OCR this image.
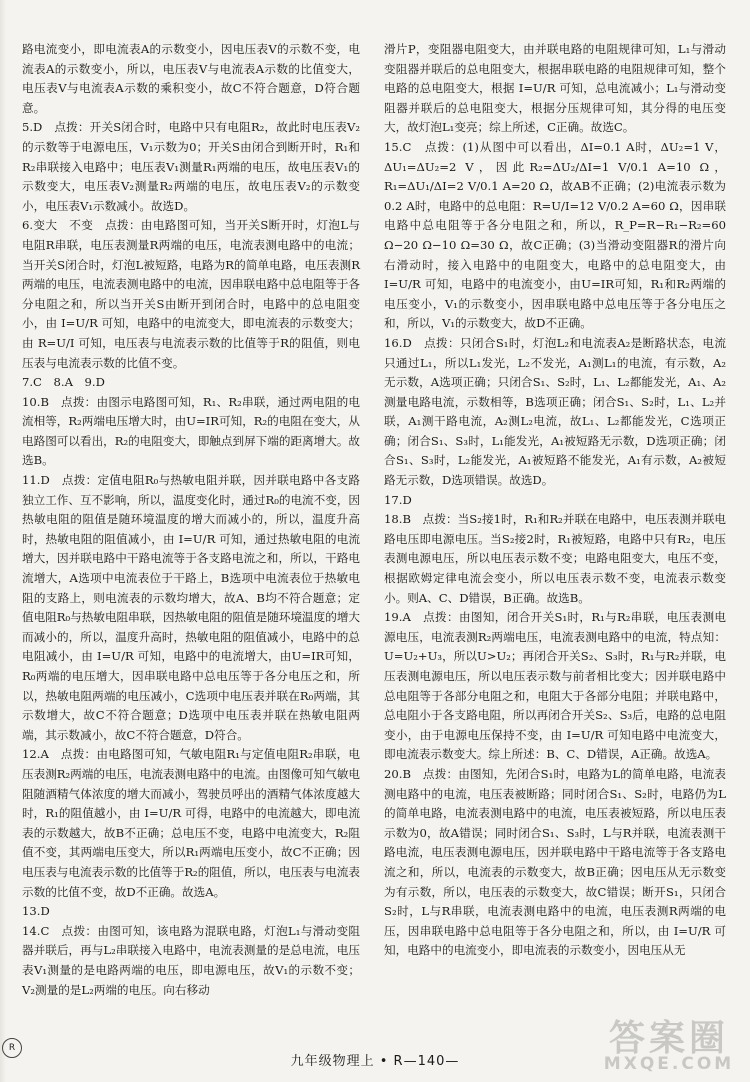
路电流变小，即电流表A的示数变小，因电压表V的示数不变，电流表A的示数变小，所以，电压表V与电流表A示数的比值变大，电压表V与电流表A示数的乘积变小，故C不符合题意，D符合题意。

5.D　点拨：开关S闭合时，电路中只有电阻R₂，故此时电压表V₂的示数等于电源电压，V₁示数为0；开关S由闭合到断开时，R₁和R₂串联接入电路中；电压表V₁测量R₁两端的电压，故电压表V₁的示数变大，电压表V₂测量R₂两端的电压，故电压表V₂的示数变小，电压表V₁示数减小。故选D。

6.变大　不变　点拨：由电路图可知，当开关S断开时，灯泡L与电阻R串联，电压表测量R两端的电压，电流表测电路中的电流；当开关S闭合时，灯泡L被短路，电路为R的简单电路，电压表测R两端的电压，电流表测电路中的电流，因串联电路中总电阻等于各分电阻之和，所以当开关S由断开到闭合时，电路中的总电阻变小，由 I=U/R 可知，电路中的电流变大，即电流表的示数变大；由 R=U/I 可知，电压表与电流表示数的比值等于R的阻值，则电压表与电流表示数的比值不变。

7.C　8.A　9.D

10.B　点拨：由图示电路图可知，R₁、R₂串联，通过两电阻的电流相等，R₂两端电压增大时，由U=IR可知，R₂的电阻在变大，从电路图可以看出，R₂的电阻变大，即触点到屏下端的距离增大。故选B。

11.D　点拨：定值电阻R₀与热敏电阻并联，因并联电路中各支路独立工作、互不影响，所以，温度变化时，通过R₀的电流不变，因热敏电阻的阻值是随环境温度的增大而减小的，所以，温度升高时，热敏电阻的阻值减小，由 I=U/R 可知，通过热敏电阻的电流增大，因并联电路中干路电流等于各支路电流之和，所以，干路电流增大，A选项中电流表位于干路上，B选项中电流表位于热敏电阻的支路上，则电流表的示数均增大，故A、B均不符合题意；定值电阻R₀与热敏电阻串联，因热敏电阻的阻值是随环境温度的增大而减小的，所以，温度升高时，热敏电阻的阻值减小，电路中的总电阻减小，由 I=U/R 可知，电路中的电流增大，由U=IR可知，R₀两端的电压增大，因串联电路中总电压等于各分电压之和，所以，热敏电阻两端的电压减小，C选项中电压表并联在R₀两端，其示数增大，故C不符合题意；D选项中电压表并联在热敏电阻两端，其示数减小，故C不符合题意，D符合。

12.A　点拨：由电路图可知，气敏电阻R₁与定值电阻R₂串联，电压表测R₂两端的电压，电流表测电路中的电流。由图像可知气敏电阻随酒精气体浓度的增大而减小，驾驶员呼出的酒精气体浓度越大时，R₁的阻值越小，由 I=U/R 可得，电路中的电流越大，即电流表的示数越大，故B不正确；总电压不变，电路中电流变大，R₂阻值不变，其两端电压变大，所以R₁两端电压变小，故C不正确；因电压表与电流表示数的比值等于R₂的阻值，所以，电压表与电流表示数的比值不变，故D不正确。故选A。

13.D

14.C　点拨：由图可知，该电路为混联电路，灯泡L₁与滑动变阻器并联后，再与L₂串联接入电路中，电流表测量的是总电流，电压表V₁测量的是电路两端的电压，即电源电压，故V₁的示数不变；V₂测量的是L₂两端的电压。向右移动

滑片P，变阻器电阻变大，由并联电路的电阻规律可知，L₁与滑动变阻器并联后的总电阻变大，根据串联电路的电阻规律可知，整个电路的总电阻变大，根据 I=U/R 可知，总电流减小；L₁与滑动变阻器并联后的总电阻变大，根据分压规律可知，其分得的电压变大，故灯泡L₁变亮；综上所述，C正确。故选C。

15.C　点拨：(1)从图中可以看出，ΔI=0.1 A时，ΔU₂=1 V，ΔU₁=ΔU₂=2 V，因此R₂=ΔU₂/ΔI=1 V/0.1 A=10 Ω，R₁=ΔU₁/ΔI=2 V/0.1 A=20 Ω，故AB不正确；(2)电流表示数为0.2 A时，电路中的总电阻：R=U/I=12 V/0.2 A=60 Ω，因串联电路中总电阻等于各分电阻之和，所以，R_P=R−R₁−R₂=60 Ω−20 Ω−10 Ω=30 Ω，故C正确；(3)当滑动变阻器R的滑片向右滑动时，接入电路中的电阻变大，电路中的总电阻变大，由 I=U/R 可知，电路中的电流变小，由U=IR可知，R₁和R₂两端的电压变小，V₁的示数变小，因串联电路中总电压等于各分电压之和，所以，V₁的示数变大，故D不正确。

16.D　点拨：只闭合S₁时，灯泡L₂和电流表A₂是断路状态，电流只通过L₁，所以L₁发光，L₂不发光，A₁测L₁的电流，有示数，A₂无示数，A选项正确；只闭合S₁、S₂时，L₁、L₂都能发光，A₁、A₂测量电路电流，示数相等，B选项正确；闭合S₁、S₂时，L₁、L₂并联，A₁测干路电流，A₂测L₂电流，故L₁、L₂都能发光，C选项正确；闭合S₁、S₃时，L₁能发光，A₁被短路无示数，D选项正确；闭合S₁、S₃时，L₂能发光，A₁被短路不能发光，A₁有示数，A₂被短路无示数，D选项错误。故选D。

17.D

18.B　点拨：当S₂接1时，R₁和R₂并联在电路中，电压表测并联电路电压即电源电压。当S₂接2时，R₁被短路，电路中只有R₂，电压表测电源电压，所以电压表示数不变；电路电阻变大，电压不变，根据欧姆定律电流会变小，所以电压表示数不变，电流表示数变小。则A、C、D错误，B正确。故选B。

19.A　点拨：由图知，闭合开关S₁时，R₁与R₂串联，电压表测电源电压，电流表测R₂两端电压，电流表测电路中的电流，特点知：U=U₂+U₃，所以U>U₂；再闭合开关S₂、S₃时，R₁与R₂并联，电压表测电源电压，所以电压表示数与前者相比变大；因并联电路中总电阻等于各部分电阻之和，电阻大于各部分电阻；并联电路中，总电阻小于各支路电阻，所以再闭合开关S₂、S₃后，电路的总电阻变小，由于电源电压保持不变，由 I=U/R 可知电路中电流变大，即电流表示数变大。综上所述：B、C、D错误，A正确。故选A。

20.B　点拨：由图知，先闭合S₁时，电路为L的简单电路，电流表测电路中的电流，电压表被断路；同时闭合S₁、S₂时，电路仍为L的简单电路，电流表测电路中的电流，电压表被短路，所以电压表示数为0，故A错误；同时闭合S₁、S₃时，L与R并联，电流表测干路电流，电压表测电源电压，因并联电路中干路电流等于各支路电流之和，所以，电流表的示数变大，故B正确；因电压从无示数变为有示数，所以，电压表的示数变大，故C错误；断开S₁，只闭合S₂时，L与R串联，电流表测电路中的电流，电压表测R两端的电压，因串联电路中总电阻等于各分电阻之和，所以，由 I=U/R 可知，电路中的电流变小，即电流表的示数变小，因电压从无

R
九年级物理上 • R—140—
答案圈
MXQE.COM
